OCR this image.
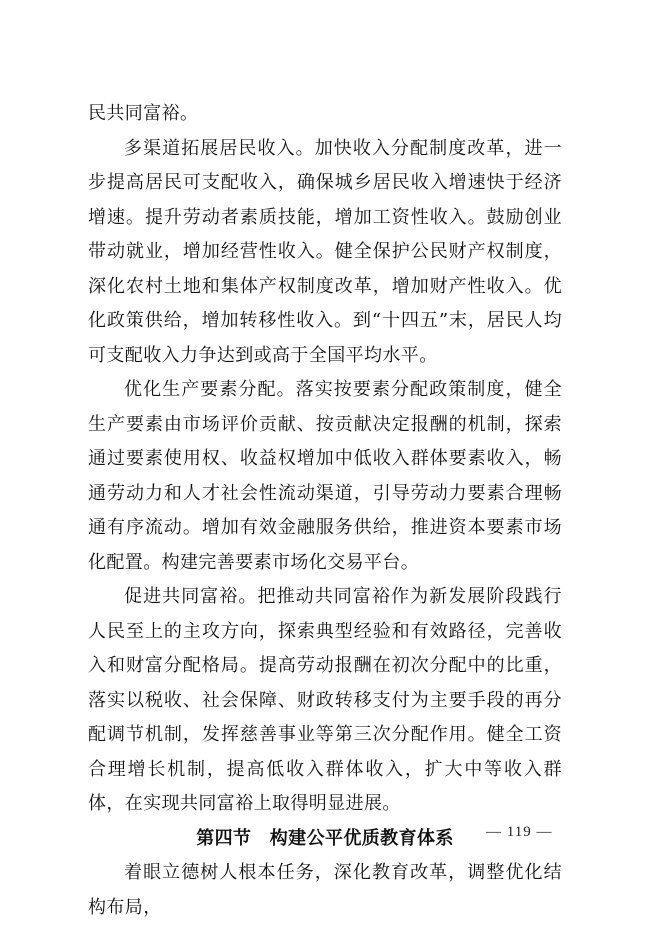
民共同富裕。

多渠道拓展居民收入。加快收入分配制度改革，进一步提高居民可支配收入，确保城乡居民收入增速快于经济增速。提升劳动者素质技能，增加工资性收入。鼓励创业带动就业，增加经营性收入。健全保护公民财产权制度，深化农村土地和集体产权制度改革，增加财产性收入。优化政策供给，增加转移性收入。到“十四五”末，居民人均可支配收入力争达到或高于全国平均水平。

优化生产要素分配。落实按要素分配政策制度，健全生产要素由市场评价贡献、按贡献决定报酬的机制，探索通过要素使用权、收益权增加中低收入群体要素收入，畅通劳动力和人才社会性流动渠道，引导劳动力要素合理畅通有序流动。增加有效金融服务供给，推进资本要素市场化配置。构建完善要素市场化交易平台。

促进共同富裕。把推动共同富裕作为新发展阶段践行人民至上的主攻方向，探索典型经验和有效路径，完善收入和财富分配格局。提高劳动报酬在初次分配中的比重，落实以税收、社会保障、财政转移支付为主要手段的再分配调节机制，发挥慈善事业等第三次分配作用。健全工资合理增长机制，提高低收入群体收入，扩大中等收入群体，在实现共同富裕上取得明显进展。

第四节　构建公平优质教育体系

着眼立德树人根本任务，深化教育改革，调整优化结构布局，

— 119 —
